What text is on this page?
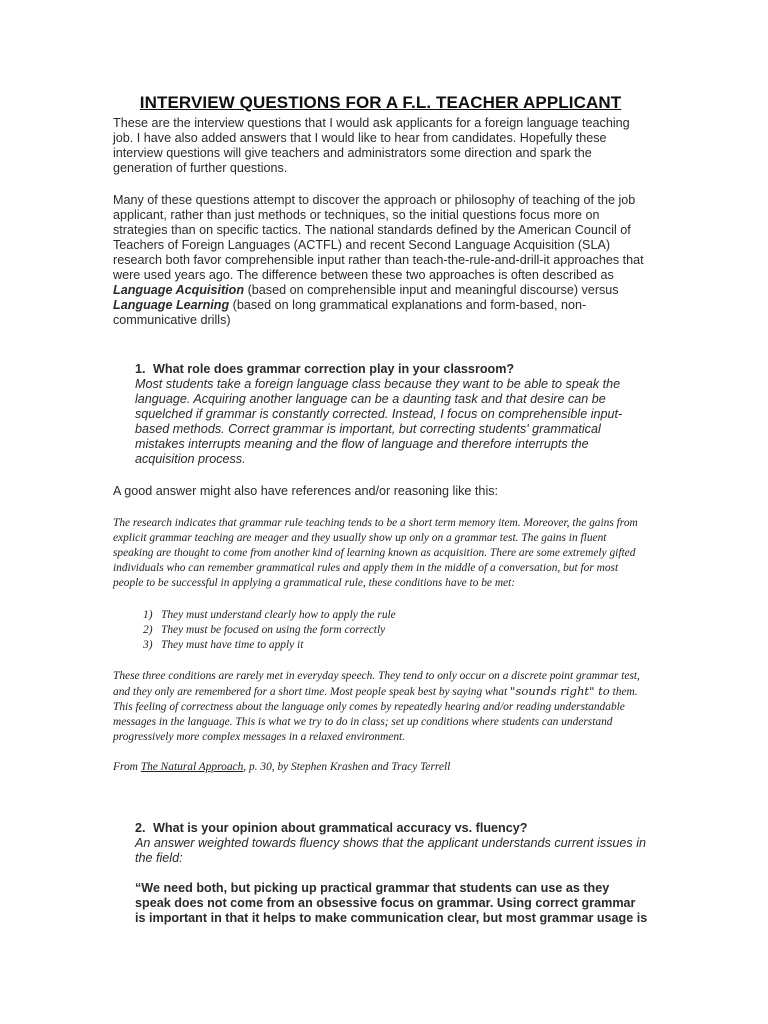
INTERVIEW QUESTIONS FOR A F.L. TEACHER APPLICANT

These are the interview questions that I would ask applicants for a foreign language teaching job. I have also added answers that I would like to hear from candidates. Hopefully these interview questions will give teachers and administrators some direction and spark the generation of further questions.

Many of these questions attempt to discover the approach or philosophy of teaching of the job applicant, rather than just methods or techniques, so the initial questions focus more on strategies than on specific tactics. The national standards defined by the American Council of Teachers of Foreign Languages (ACTFL) and recent Second Language Acquisition (SLA) research both favor comprehensible input rather than teach-the-rule-and-drill-it approaches that were used years ago. The difference between these two approaches is often described as Language Acquisition (based on comprehensible input and meaningful discourse) versus Language Learning (based on long grammatical explanations and form-based, non-communicative drills)

1. What role does grammar correction play in your classroom?
Most students take a foreign language class because they want to be able to speak the language. Acquiring another language can be a daunting task and that desire can be squelched if grammar is constantly corrected. Instead, I focus on comprehensible input-based methods. Correct grammar is important, but correcting students' grammatical mistakes interrupts meaning and the flow of language and therefore interrupts the acquisition process.

A good answer might also have references and/or reasoning like this:

The research indicates that grammar rule teaching tends to be a short term memory item. Moreover, the gains from explicit grammar teaching are meager and they usually show up only on a grammar test. The gains in fluent speaking are thought to come from another kind of learning known as acquisition. There are some extremely gifted individuals who can remember grammatical rules and apply them in the middle of a conversation, but for most people to be successful in applying a grammatical rule, these conditions have to be met:

1) They must understand clearly how to apply the rule
2) They must be focused on using the form correctly
3) They must have time to apply it

These three conditions are rarely met in everyday speech. They tend to only occur on a discrete point grammar test, and they only are remembered for a short time. Most people speak best by saying what "sounds right" to them. This feeling of correctness about the language only comes by repeatedly hearing and/or reading understandable messages in the language. This is what we try to do in class; set up conditions where students can understand progressively more complex messages in a relaxed environment.

From The Natural Approach, p. 30, by Stephen Krashen and Tracy Terrell

2. What is your opinion about grammatical accuracy vs. fluency?
An answer weighted towards fluency shows that the applicant understands current issues in the field:
“We need both, but picking up practical grammar that students can use as they speak does not come from an obsessive focus on grammar. Using correct grammar is important in that it helps to make communication clear, but most grammar usage is
